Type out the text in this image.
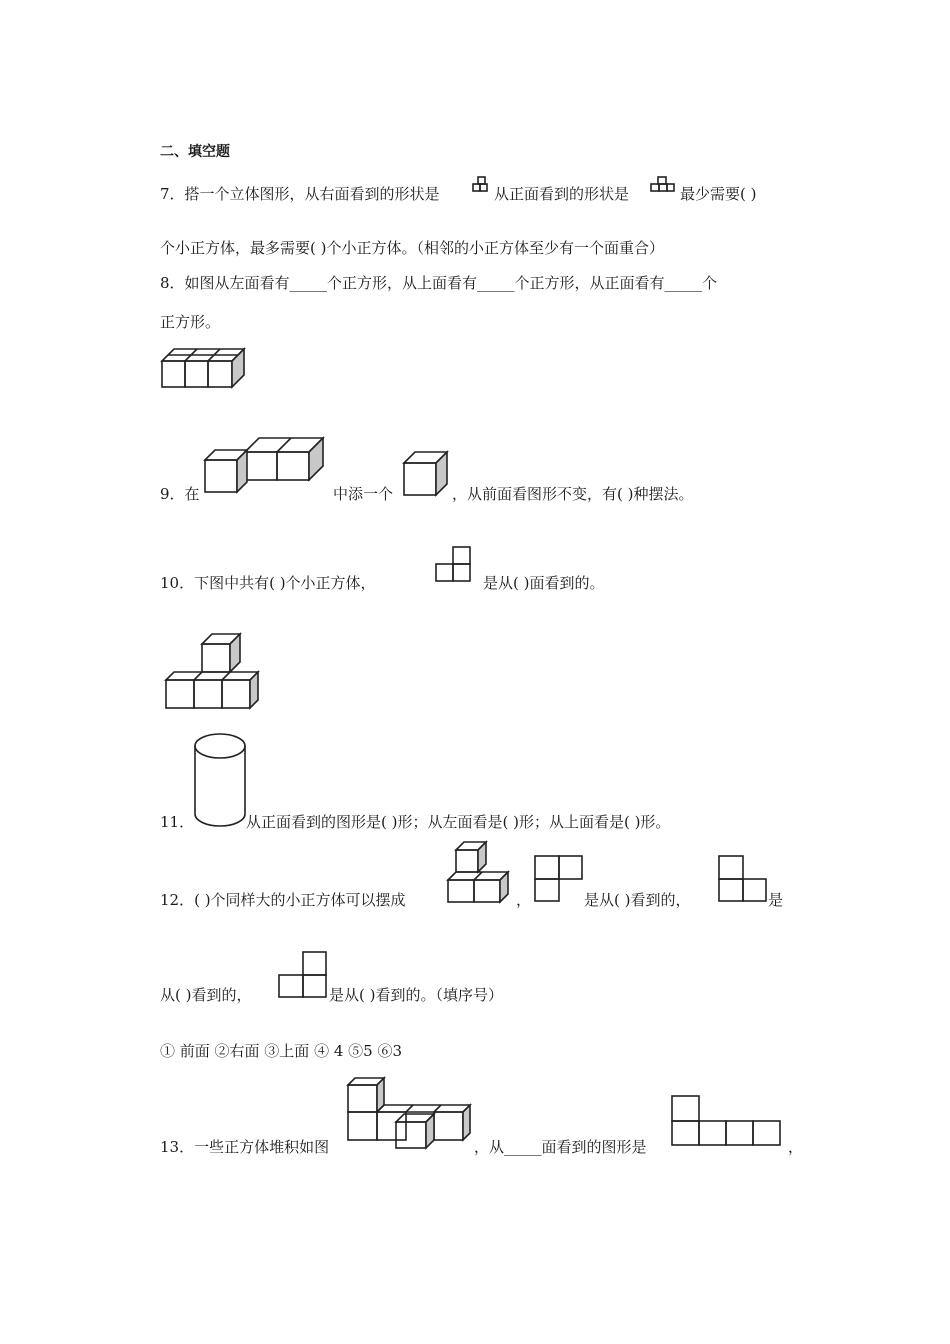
二、填空题
7．搭一个立体图形，从右面看到的形状是	从正面看到的形状是	最少需要( )
个小正方体，最多需要( )个小正方体。（相邻的小正方体至少有一个面重合）
8．如图从左面看有_____个正方形，从上面看有_____个正方形，从正面看有_____个
正方形。
9．在	中添一个	，从前面看图形不变，有( )种摆法。
10．下图中共有( )个小正方体，	是从( )面看到的。
11．	从正面看到的图形是( )形；从左面看是( )形；从上面看是( )形。
12．( )个同样大的小正方体可以摆成	，	是从( )看到的，	是
从( )看到的，	是从( )看到的。（填序号）
① 前面 ②右面 ③上面 ④ 4 ⑤5 ⑥3
13．一些正方体堆积如图	，从_____面看到的图形是	，
